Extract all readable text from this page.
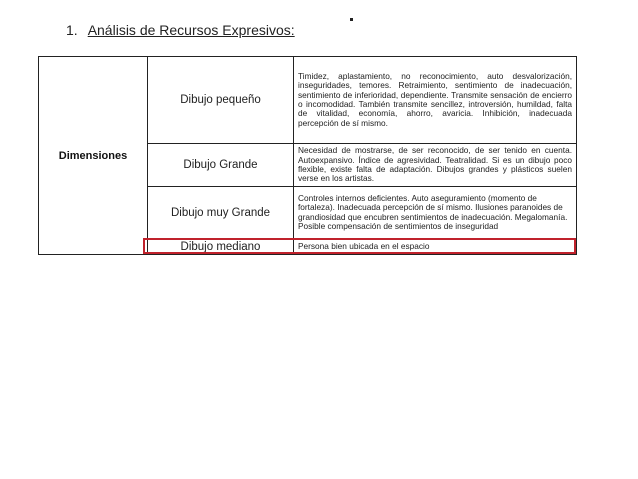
1. Análisis de Recursos Expresivos:
Dimensiones	Dibujo pequeño	Timidez, aplastamiento, no reconocimiento, auto desvalorización, inseguridades, temores. Retraimiento, sentimiento de inadecuación, sentimiento de inferioridad, dependiente. Transmite sensación de encierro o incomodidad. También transmite sencillez, introversión, humildad, falta de vitalidad, economía, ahorro, avaricia. Inhibición, inadecuada percepción de sí mismo.
	Dibujo Grande	Necesidad de mostrarse, de ser reconocido, de ser tenido en cuenta. Autoexpansivo. Índice de agresividad. Teatralidad. Si es un dibujo poco flexible, existe falta de adaptación. Dibujos grandes y plásticos suelen verse en los artistas.
	Dibujo muy Grande	Controles internos deficientes. Auto aseguramiento (momento de fortaleza). Inadecuada percepción de sí mismo. Ilusiones paranoides de grandiosidad que encubren sentimientos de inadecuación. Megalomanía. Posible compensación de sentimientos de inseguridad
	Dibujo mediano	Persona bien ubicada en el espacio
